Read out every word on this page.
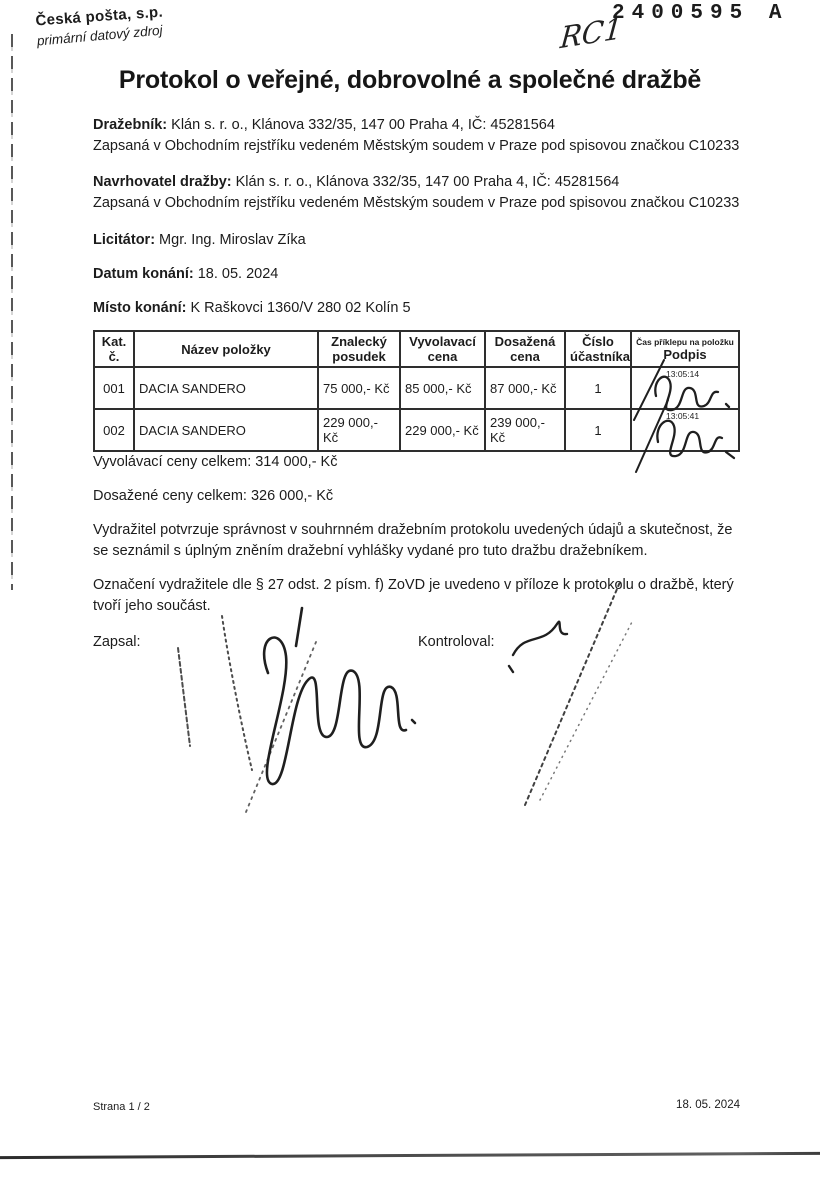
Česká pošta, s.p.
primární datový zdroj	RC1
2400595 A
Protokol o veřejné, dobrovolné a společné dražbě
Dražebník: Klán s. r. o., Klánova 332/35, 147 00 Praha 4, IČ: 45281564
Zapsaná v Obchodním rejstříku vedeném Městským soudem v Praze pod spisovou značkou C10233
Navrhovatel dražby: Klán s. r. o., Klánova 332/35, 147 00 Praha 4, IČ: 45281564
Zapsaná v Obchodním rejstříku vedeném Městským soudem v Praze pod spisovou značkou C10233
Licitátor: Mgr. Ing. Miroslav Zíka
Datum konání: 18. 05. 2024
Místo konání: K Raškovci 1360/V 280 02 Kolín 5
Kat. č.	Název položky	Znalecký posudek	Vyvolavací cena	Dosažená cena	Číslo účastníka	Čas příklepu na položku
Podpis
001	DACIA SANDERO	75 000,- Kč	85 000,- Kč	87 000,- Kč	1	13:05:14

002	DACIA SANDERO	229 000,- Kč	229 000,- Kč	239 000,- Kč	1	13:05:41
Vyvolávací ceny celkem: 314 000,- Kč
Dosažené ceny celkem: 326 000,- Kč
Vydražitel potvrzuje správnost v souhrnném dražebním protokolu uvedených údajů a skutečnost, že se seznámil s úplným zněním dražební vyhlášky vydané pro tuto dražbu dražebníkem.
Označení vydražitele dle § 27 odst. 2 písm. f) ZoVD je uvedeno v příloze k protokolu o dražbě, který tvoří jeho součást.
Zapsal:	Kontroloval:
Strana 1 / 2	18. 05. 2024
